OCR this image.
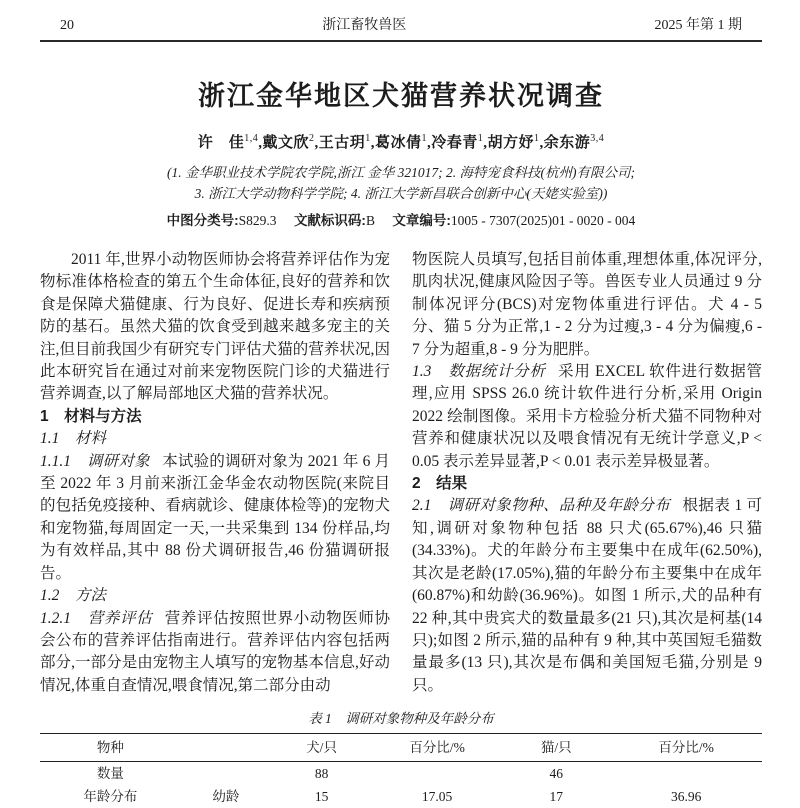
20	浙江畜牧兽医	2025 年第 1 期
浙江金华地区犬猫营养状况调查
许　佳$^{1,4}$,戴文欣$^2$,王古玥$^1$,葛冰倩$^1$,冷春青$^1$,胡方妤$^1$,余东游$^{3,4}$
(1. 金华职业技术学院农学院,浙江 金华 321017; 2. 海特宠食科技(杭州)有限公司;
3. 浙江大学动物科学学院; 4. 浙江大学新昌联合创新中心(天姥实验室))
中图分类号:S829.3 文献标识码:B 文章编号:1005 - 7307(2025)01 - 0020 - 004

2011 年,世界小动物医师协会将营养评估作为宠物标准体格检查的第五个生命体征,良好的营养和饮食是保障犬猫健康、行为良好、促进长寿和疾病预防的基石。虽然犬猫的饮食受到越来越多宠主的关注,但目前我国少有研究专门评估犬猫的营养状况,因此本研究旨在通过对前来宠物医院门诊的犬猫进行营养调查,以了解局部地区犬猫的营养状况。

1　材料与方法

1.1　材料

1.1.1　调研对象 本试验的调研对象为 2021 年 6 月至 2022 年 3 月前来浙江金华金农动物医院(来院目的包括免疫接种、看病就诊、健康体检等)的宠物犬和宠物猫,每周固定一天,一共采集到 134 份样品,均为有效样品,其中 88 份犬调研报告,46 份猫调研报告。

1.2　方法

1.2.1　营养评估 营养评估按照世界小动物医师协会公布的营养评估指南进行。营养评估内容包括两部分,一部分是由宠物主人填写的宠物基本信息,好动情况,体重自查情况,喂食情况,第二部分由动

物医院人员填写,包括目前体重,理想体重,体况评分,肌肉状况,健康风险因子等。兽医专业人员通过 9 分制体况评分(BCS)对宠物体重进行评估。犬 4 - 5 分、猫 5 分为正常,1 - 2 分为过瘦,3 - 4 分为偏瘦,6 - 7 分为超重,8 - 9 分为肥胖。

1.3　数据统计分析 采用 EXCEL 软件进行数据管理,应用 SPSS 26.0 统计软件进行分析,采用 Origin 2022 绘制图像。采用卡方检验分析犬猫不同物种对营养和健康状况以及喂食情况有无统计学意义,P < 0.05 表示差异显著,P < 0.01 表示差异极显著。

2　结果

2.1　调研对象物种、品种及年龄分布 根据表 1 可知,调研对象物种包括 88 只犬(65.67%),46 只猫(34.33%)。犬的年龄分布主要集中在成年(62.50%),其次是老龄(17.05%),猫的年龄分布主要集中在成年(60.87%)和幼龄(36.96%)。如图 1 所示,犬的品种有 22 种,其中贵宾犬的数量最多(21 只),其次是柯基(14 只);如图 2 所示,猫的品种有 9 种,其中英国短毛猫数量最多(13 只),其次是布偶和美国短毛猫,分别是 9 只。

表 1　调研对象物种及年龄分布
物种		犬/只	百分比/%	猫/只	百分比/%
数量		88		46	
年龄分布	幼龄	15	17.05	17	36.96
